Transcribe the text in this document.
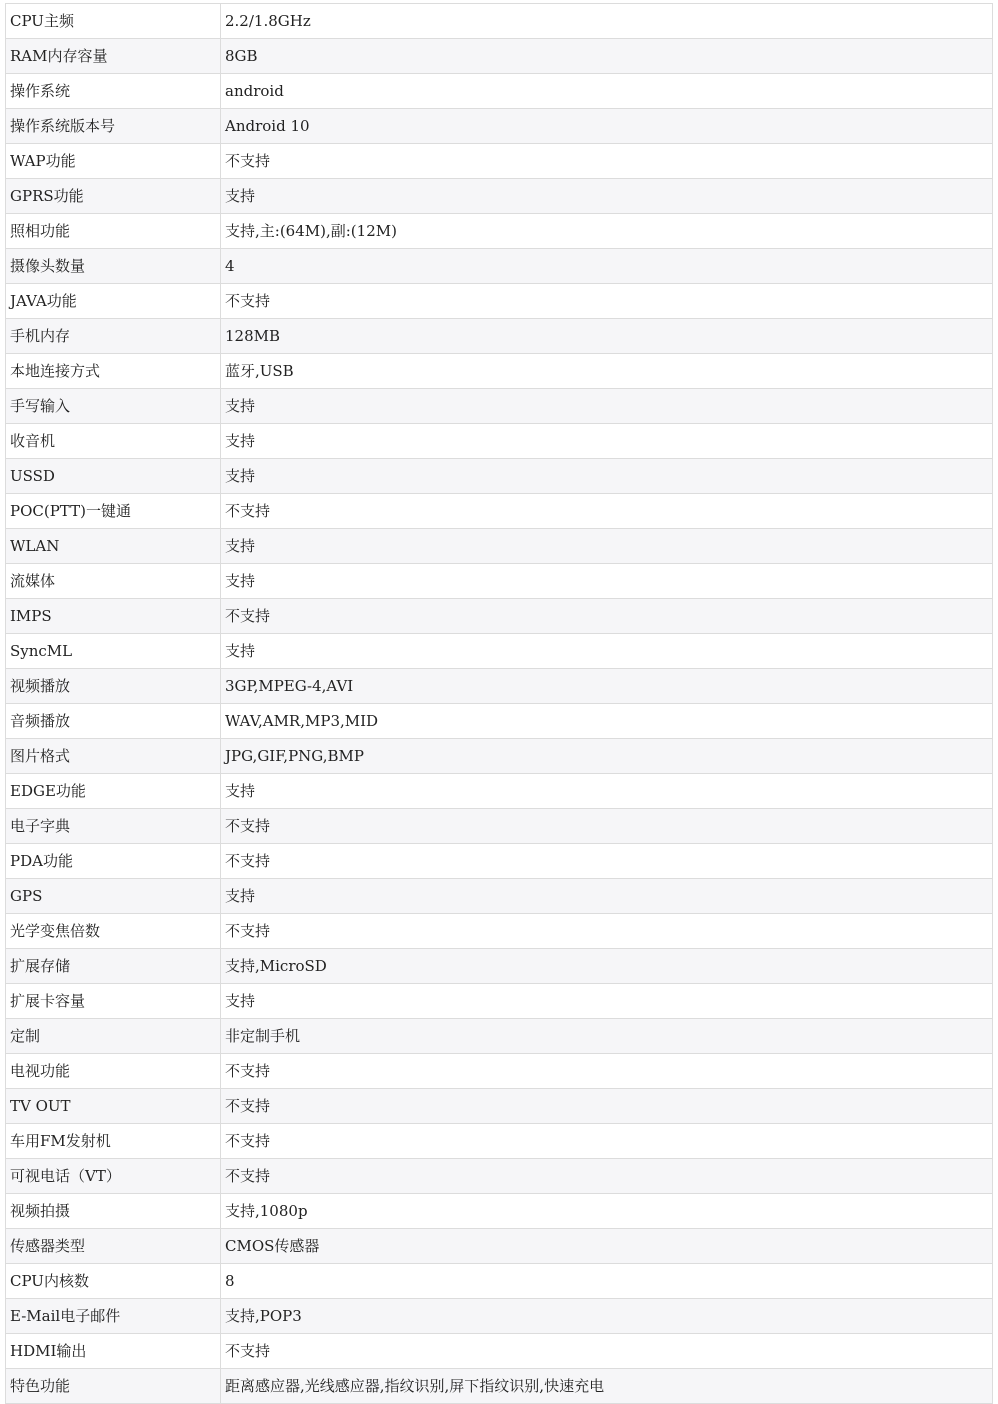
CPU主频	2.2/1.8GHz
RAM内存容量	8GB
操作系统	android
操作系统版本号	Android 10
WAP功能	不支持
GPRS功能	支持
照相功能	支持,主:(64M),副:(12M)
摄像头数量	4
JAVA功能	不支持
手机内存	128MB
本地连接方式	蓝牙,USB
手写输入	支持
收音机	支持
USSD	支持
POC(PTT)一键通	不支持
WLAN	支持
流媒体	支持
IMPS	不支持
SyncML	支持
视频播放	3GP,MPEG-4,AVI
音频播放	WAV,AMR,MP3,MID
图片格式	JPG,GIF,PNG,BMP
EDGE功能	支持
电子字典	不支持
PDA功能	不支持
GPS	支持
光学变焦倍数	不支持
扩展存储	支持,MicroSD
扩展卡容量	支持
定制	非定制手机
电视功能	不支持
TV OUT	不支持
车用FM发射机	不支持
可视电话（VT）	不支持
视频拍摄	支持,1080p
传感器类型	CMOS传感器
CPU内核数	8
E-Mail电子邮件	支持,POP3
HDMI输出	不支持
特色功能	距离感应器,光线感应器,指纹识别,屏下指纹识别,快速充电
